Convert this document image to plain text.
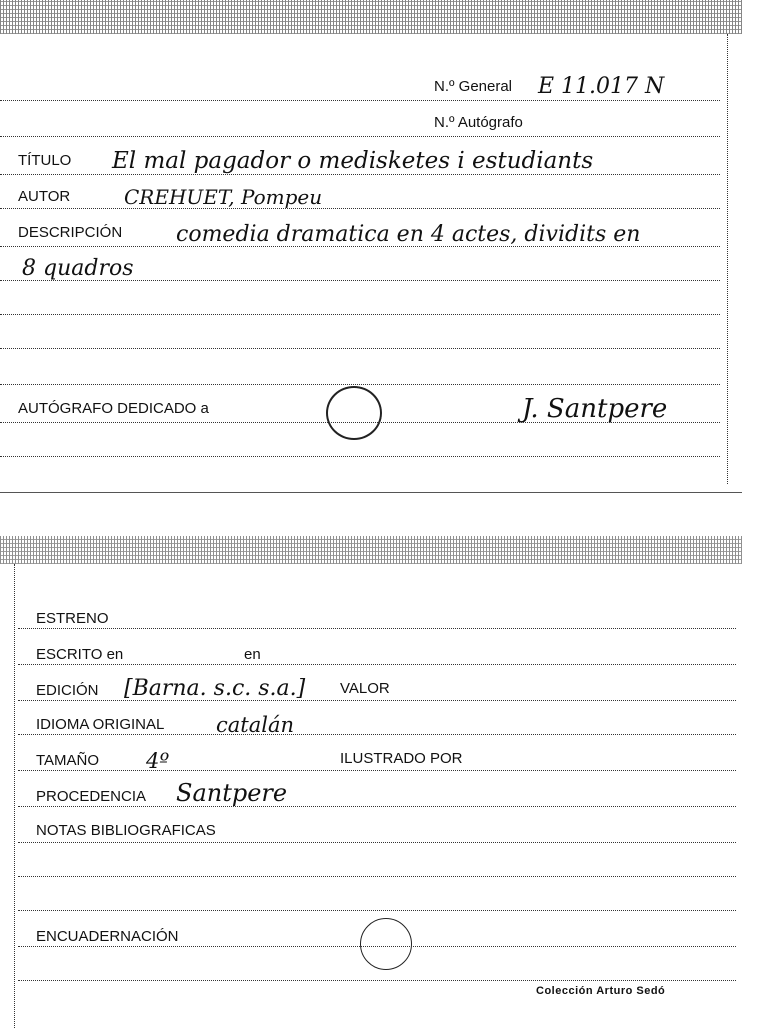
N.º General E 11.017 N
N.º Autógrafo
TÍTULO El mal pagador o medisketes i estudiants
AUTOR	CREHUET, Pompeu
DESCRIPCIÓN comedia dramatica en 4 actes, dividits en
8 quadros
AUTÓGRAFO DEDICADO a	J. Santpere
ESTRENO
ESCRITO en	en
EDICIÓN [Barna. s.c. s.a.] VALOR
IDIOMA ORIGINAL catalán
TAMAÑO 4º	ILUSTRADO POR
PROCEDENCIA Santpere
NOTAS BIBLIOGRAFICAS
ENCUADERNACIÓN
Colección Arturo Sedó
